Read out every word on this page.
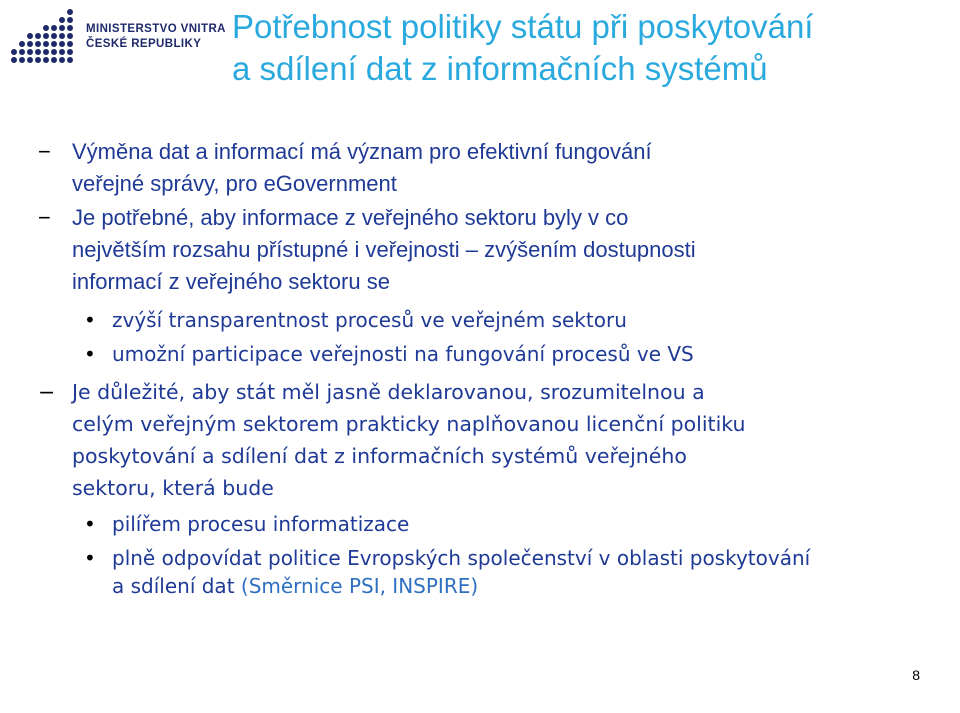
MINISTERSTVO VNITRA
ČESKÉ REPUBLIKY Potřebnost politiky státu při poskytování
a sdílení dat z informačních systémů
− Výměna dat a informací má význam pro efektivní fungování
veřejné správy, pro eGovernment
− Je potřebné, aby informace z veřejného sektoru byly v co
největším rozsahu přístupné i veřejnosti – zvýšením dostupnosti
informací z veřejného sektoru se
• zvýší transparentnost procesů ve veřejném sektoru
• umožní participace veřejnosti na fungování procesů ve VS
− Je důležité, aby stát měl jasně deklarovanou, srozumitelnou a
celým veřejným sektorem prakticky naplňovanou licenční politiku
poskytování a sdílení dat z informačních systémů veřejného
sektoru, která bude
• pilířem procesu informatizace
• plně odpovídat politice Evropských společenství v oblasti poskytování
a sdílení dat (Směrnice PSI, INSPIRE)
8
